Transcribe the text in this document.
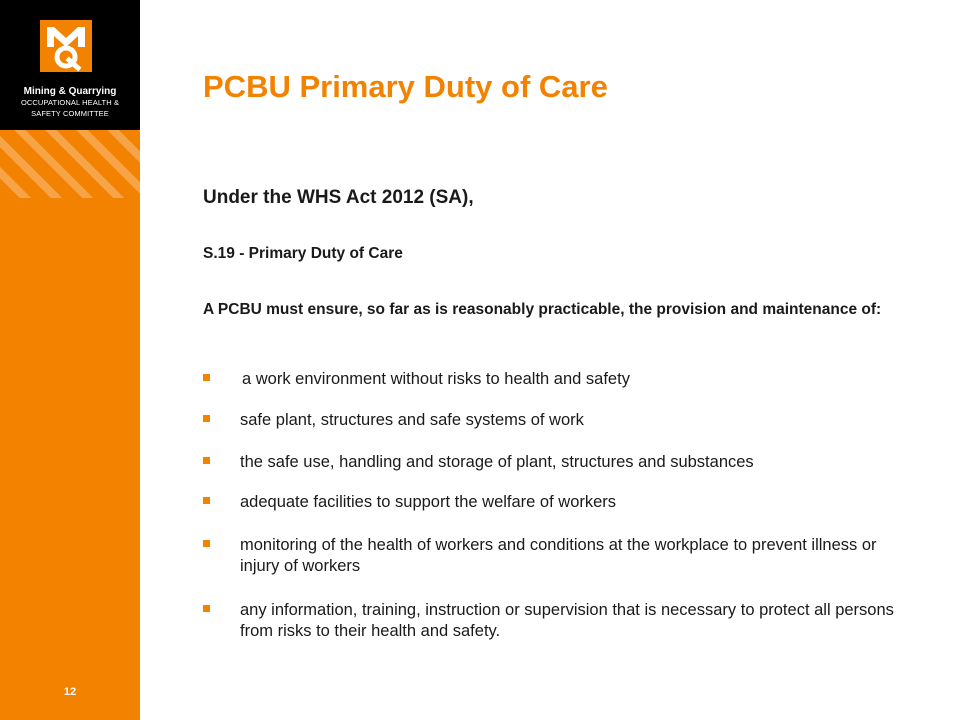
Mining & Quarrying
OCCUPATIONAL HEALTH &
SAFETY COMMITTEE
12
PCBU Primary Duty of Care
Under the WHS Act 2012 (SA),
S.19 - Primary Duty of Care
A PCBU must ensure, so far as is reasonably practicable, the provision and maintenance of:
a work environment without risks to health and safety
safe plant, structures and safe systems of work
the safe use, handling and storage of plant, structures and substances
adequate facilities to support the welfare of workers
monitoring of the health of workers and conditions at the workplace to prevent illness or injury of workers
any information, training, instruction or supervision that is necessary to protect all persons from risks to their health and safety.
